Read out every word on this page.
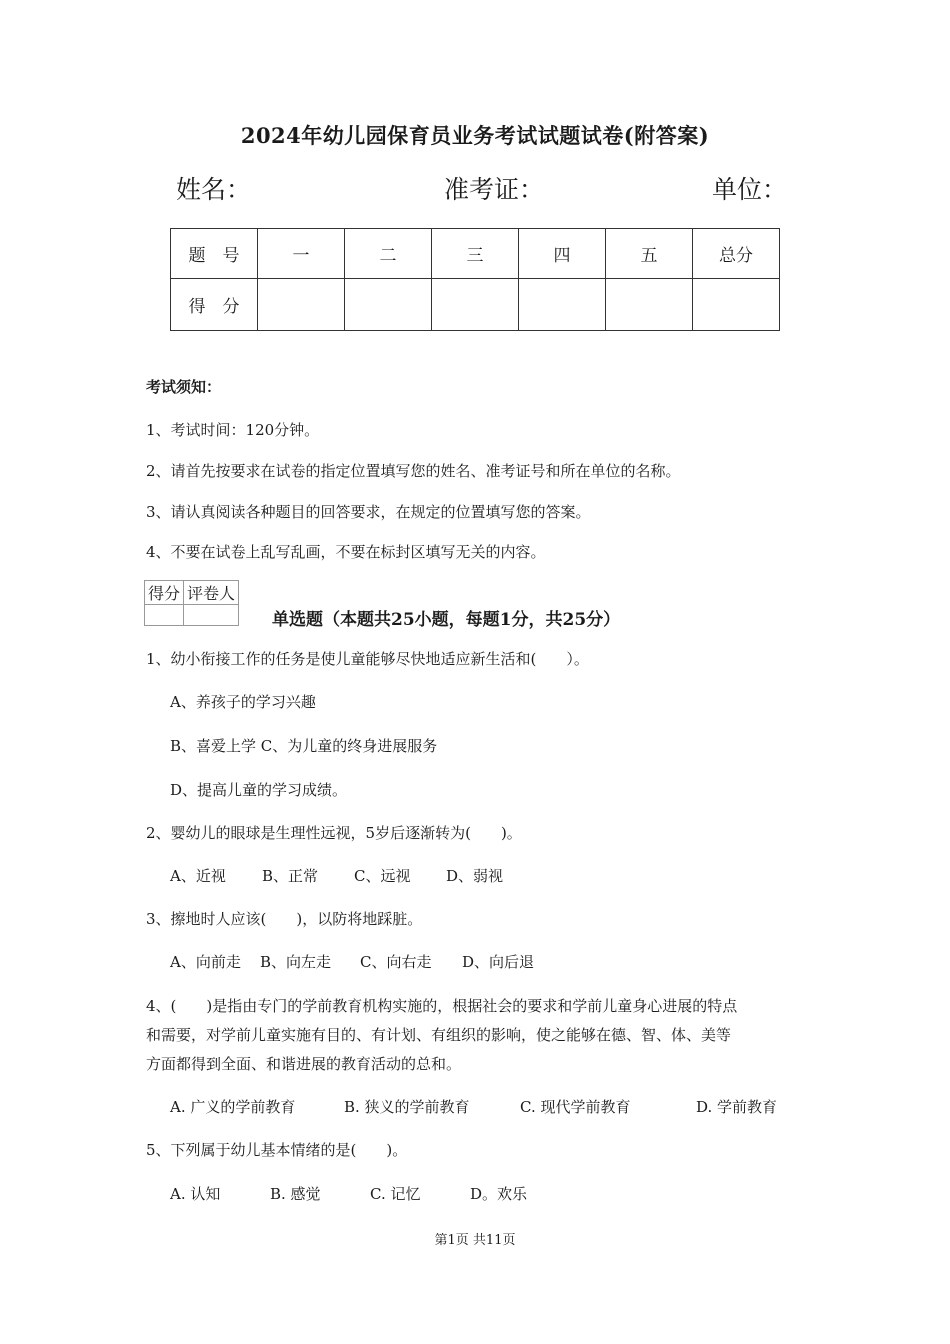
2024年幼儿园保育员业务考试试题试卷(附答案)
姓名：	准考证：	单位：
题　号	一	二	三	四	五	总分
得　分						
考试须知：
1、考试时间：120分钟。
2、请首先按要求在试卷的指定位置填写您的姓名、准考证号和所在单位的名称。
3、请认真阅读各种题目的回答要求，在规定的位置填写您的答案。
4、不要在试卷上乱写乱画，不要在标封区填写无关的内容。
得分	评卷人

单选题（本题共25小题，每题1分，共25分）
1、幼小衔接工作的任务是使儿童能够尽快地适应新生活和(　　）。
A、养孩子的学习兴趣
B、喜爱上学 C、为儿童的终身进展服务
D、提高儿童的学习成绩。
2、婴幼儿的眼球是生理性远视，5岁后逐渐转为(　　)。
A、近视 B、正常 C、远视 D、弱视
3、擦地时人应该(　　)，以防将地踩脏。
A、向前走 B、向左走 C、向右走 D、向后退
4、(　　)是指由专门的学前教育机构实施的，根据社会的要求和学前儿童身心进展的特点
和需要，对学前儿童实施有目的、有计划、有组织的影响，使之能够在德、智、体、美等
方面都得到全面、和谐进展的教育活动的总和。
A. 广义的学前教育	B. 狭义的学前教育	C. 现代学前教育	D. 学前教育
5、下列属于幼儿基本情绪的是(　　)。
A. 认知	B. 感觉	C. 记忆	D。欢乐
第1页 共11页
